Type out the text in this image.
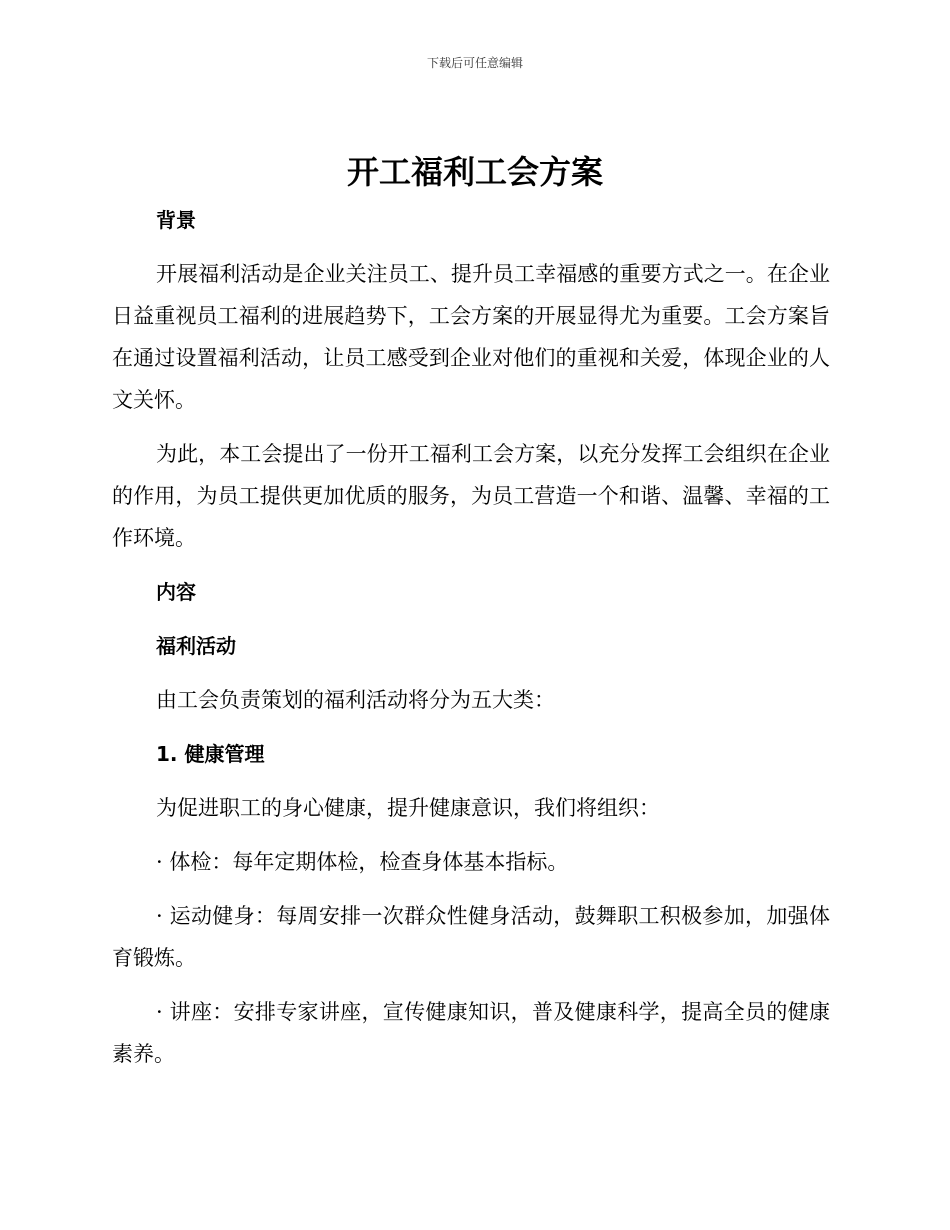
下载后可任意编辑
开工福利工会方案

背景

开展福利活动是企业关注员工、提升员工幸福感的重要方式之一。在企业日益重视员工福利的进展趋势下，工会方案的开展显得尤为重要。工会方案旨在通过设置福利活动，让员工感受到企业对他们的重视和关爱，体现企业的人文关怀。

为此，本工会提出了一份开工福利工会方案，以充分发挥工会组织在企业的作用，为员工提供更加优质的服务，为员工营造一个和谐、温馨、幸福的工作环境。

内容

福利活动

由工会负责策划的福利活动将分为五大类：

1. 健康管理

为促进职工的身心健康，提升健康意识，我们将组织：

· 体检：每年定期体检，检查身体基本指标。

· 运动健身：每周安排一次群众性健身活动，鼓舞职工积极参加，加强体育锻炼。

· 讲座：安排专家讲座，宣传健康知识，普及健康科学，提高全员的健康素养。
